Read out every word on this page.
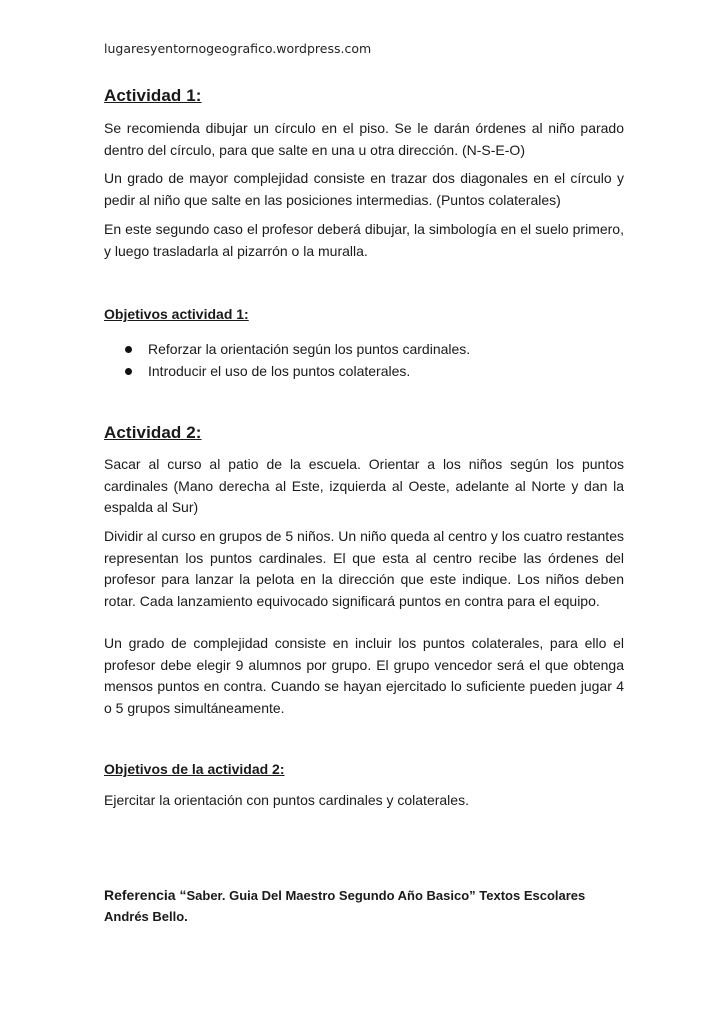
lugaresyentornogeografico.wordpress.com
Actividad 1:

Se recomienda dibujar un círculo en el piso. Se le darán órdenes al niño parado dentro del círculo, para que salte en una u otra dirección. (N-S-E-O)

Un grado de mayor complejidad consiste en trazar dos diagonales en el círculo y pedir al niño que salte en las posiciones intermedias. (Puntos colaterales)

En este segundo caso el profesor deberá dibujar, la simbología en el suelo primero, y luego trasladarla al pizarrón o la muralla.

Objetivos actividad 1:
Reforzar la orientación según los puntos cardinales.
Introducir el uso de los puntos colaterales.
Actividad 2:

Sacar al curso al patio de la escuela. Orientar a los niños según los puntos cardinales (Mano derecha al Este, izquierda al Oeste, adelante al Norte y dan la espalda al Sur)

Dividir al curso en grupos de 5 niños. Un niño queda al centro y los cuatro restantes representan los puntos cardinales. El que esta al centro recibe las órdenes del profesor para lanzar la pelota en la dirección que este indique. Los niños deben rotar. Cada lanzamiento equivocado significará puntos en contra para el equipo.

Un grado de complejidad consiste en incluir los puntos colaterales, para ello el profesor debe elegir 9 alumnos por grupo. El grupo vencedor será el que obtenga mensos puntos en contra. Cuando se hayan ejercitado lo suficiente pueden jugar 4 o 5 grupos simultáneamente.

Objetivos de la actividad 2:

Ejercitar la orientación con puntos cardinales y colaterales.

Referencia “Saber. Guia Del Maestro Segundo Año Basico” Textos Escolares Andrés Bello.
